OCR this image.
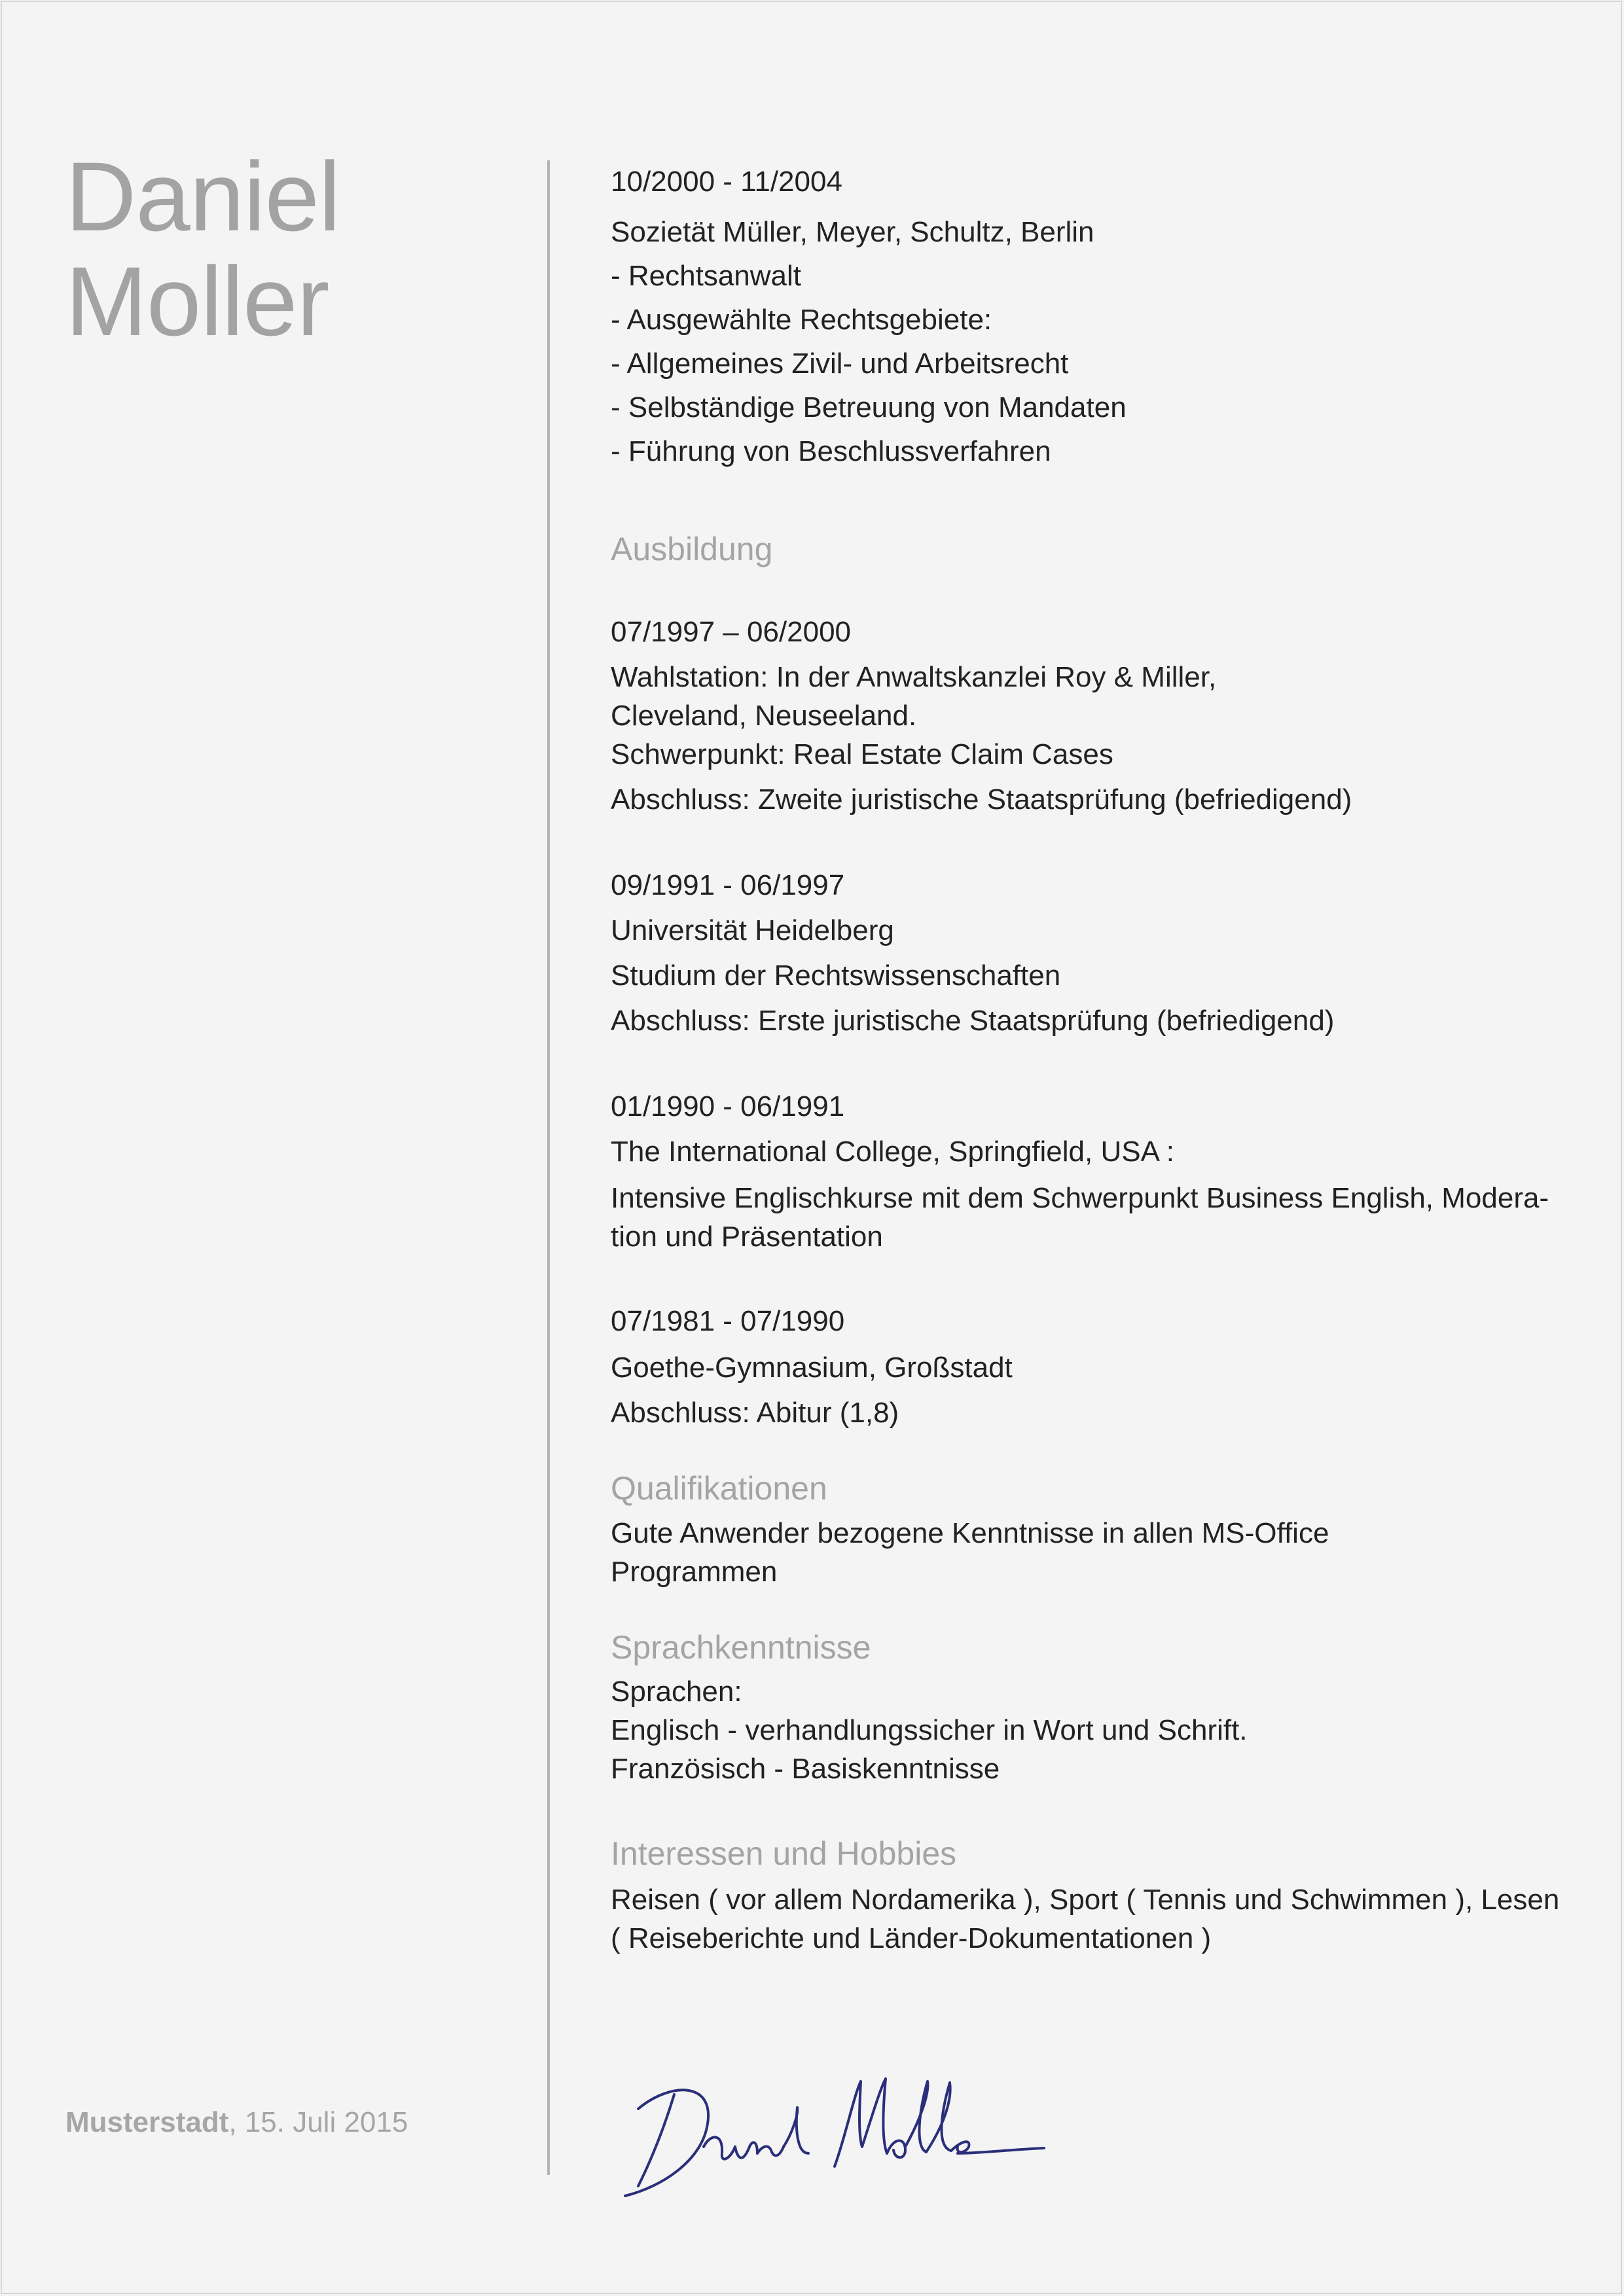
Daniel
Moller
Musterstadt, 15. Juli 2015
10/2000 - 11/2004
Sozietät Müller, Meyer, Schultz, Berlin
- Rechtsanwalt
- Ausgewählte Rechtsgebiete:
- Allgemeines Zivil- und Arbeitsrecht
- Selbständige Betreuung von Mandaten
- Führung von Beschlussverfahren
Ausbildung
07/1997 – 06/2000
Wahlstation: In der Anwaltskanzlei Roy & Miller,
Cleveland, Neuseeland.
Schwerpunkt: Real Estate Claim Cases
Abschluss: Zweite juristische Staatsprüfung (befriedigend)
09/1991 - 06/1997
Universität Heidelberg
Studium der Rechtswissenschaften
Abschluss: Erste juristische Staatsprüfung (befriedigend)
01/1990 - 06/1991
The International College, Springfield, USA :
Intensive Englischkurse mit dem Schwerpunkt Business English, Modera-
tion und Präsentation
07/1981 - 07/1990
Goethe-Gymnasium, Großstadt
Abschluss: Abitur (1,8)
Qualifikationen
Gute Anwender bezogene Kenntnisse in allen MS-Office
Programmen
Sprachkenntnisse
Sprachen:
Englisch - verhandlungssicher in Wort und Schrift.
Französisch - Basiskenntnisse
Interessen und Hobbies
Reisen ( vor allem Nordamerika ), Sport ( Tennis und Schwimmen ), Lesen
( Reiseberichte und Länder-Dokumentationen )
